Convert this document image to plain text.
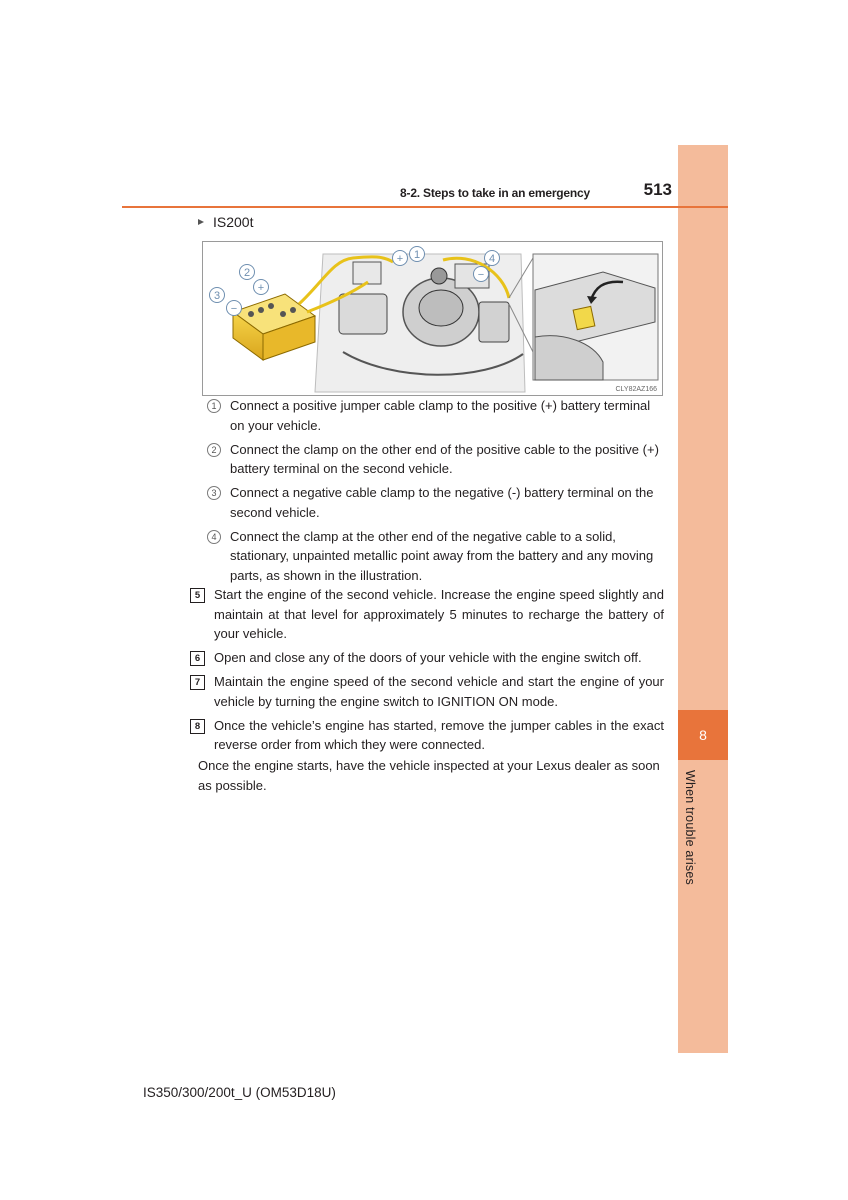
8
When trouble arises
8-2. Steps to take in an emergency	513
IS200t
2
+
3
−
+ 1	4
−
CLY82AZ166
1	Connect a positive jumper cable clamp to the positive (+) battery terminal on your vehicle.
2	Connect the clamp on the other end of the positive cable to the positive (+) battery terminal on the second vehicle.
3	Connect a negative cable clamp to the negative (-) battery terminal on the second vehicle.
4	Connect the clamp at the other end of the negative cable to a solid, stationary, unpainted metallic point away from the battery and any moving parts, as shown in the illustration.
5	Start the engine of the second vehicle. Increase the engine speed slightly and maintain at that level for approximately 5 minutes to recharge the battery of your vehicle.
6	Open and close any of the doors of your vehicle with the engine switch off.
7	Maintain the engine speed of the second vehicle and start the engine of your vehicle by turning the engine switch to IGNITION ON mode.
8	Once the vehicle’s engine has started, remove the jumper cables in the exact reverse order from which they were connected.
Once the engine starts, have the vehicle inspected at your Lexus dealer as soon as possible.
IS350/300/200t_U (OM53D18U)
